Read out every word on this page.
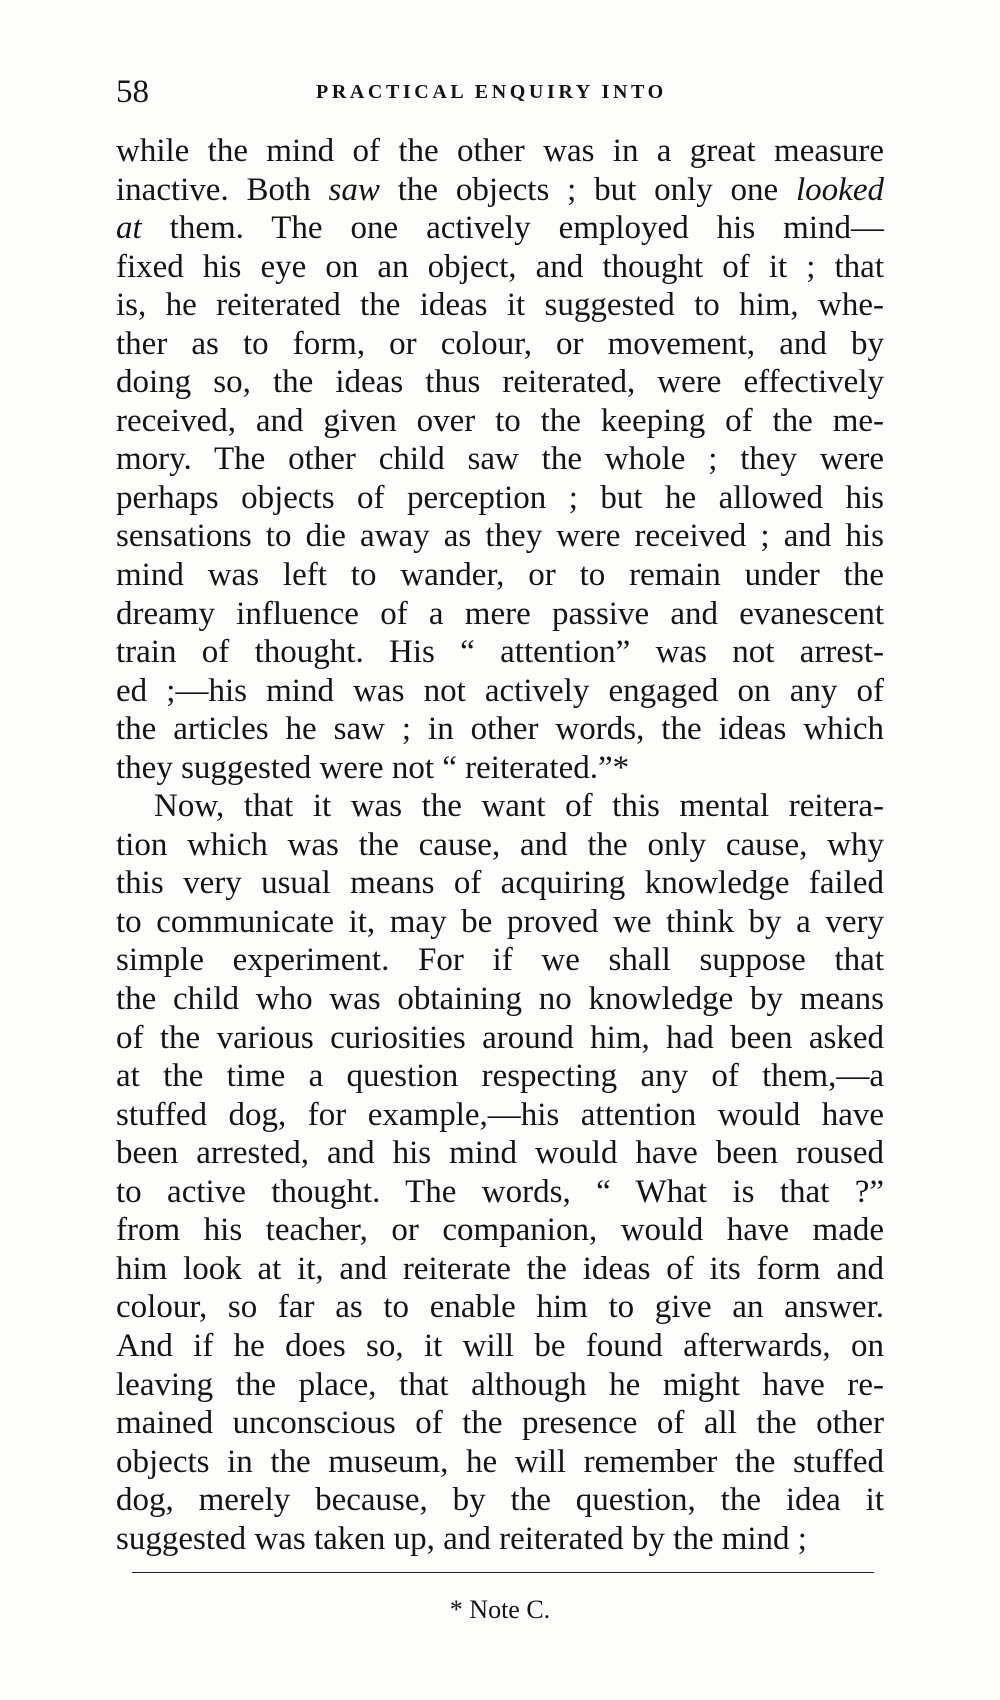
58	PRACTICAL ENQUIRY INTO
while the mind of the other was in a great measure
inactive. Both saw the objects ; but only one looked
at them. The one actively employed his mind—
fixed his eye on an object, and thought of it ; that
is, he reiterated the ideas it suggested to him, whe-
ther as to form, or colour, or movement, and by
doing so, the ideas thus reiterated, were effectively
received, and given over to the keeping of the me-
mory. The other child saw the whole ; they were
perhaps objects of perception ; but he allowed his
sensations to die away as they were received ; and his
mind was left to wander, or to remain under the
dreamy influence of a mere passive and evanescent
train of thought. His “ attention” was not arrest-
ed ;—his mind was not actively engaged on any of
the articles he saw ; in other words, the ideas which
they suggested were not “ reiterated.”*
Now, that it was the want of this mental reitera-
tion which was the cause, and the only cause, why
this very usual means of acquiring knowledge failed
to communicate it, may be proved we think by a very
simple experiment. For if we shall suppose that
the child who was obtaining no knowledge by means
of the various curiosities around him, had been asked
at the time a question respecting any of them,—a
stuffed dog, for example,—his attention would have
been arrested, and his mind would have been roused
to active thought. The words, “ What is that ?”
from his teacher, or companion, would have made
him look at it, and reiterate the ideas of its form and
colour, so far as to enable him to give an answer.
And if he does so, it will be found afterwards, on
leaving the place, that although he might have re-
mained unconscious of the presence of all the other
objects in the museum, he will remember the stuffed
dog, merely because, by the question, the idea it
suggested was taken up, and reiterated by the mind ;
* Note C.
